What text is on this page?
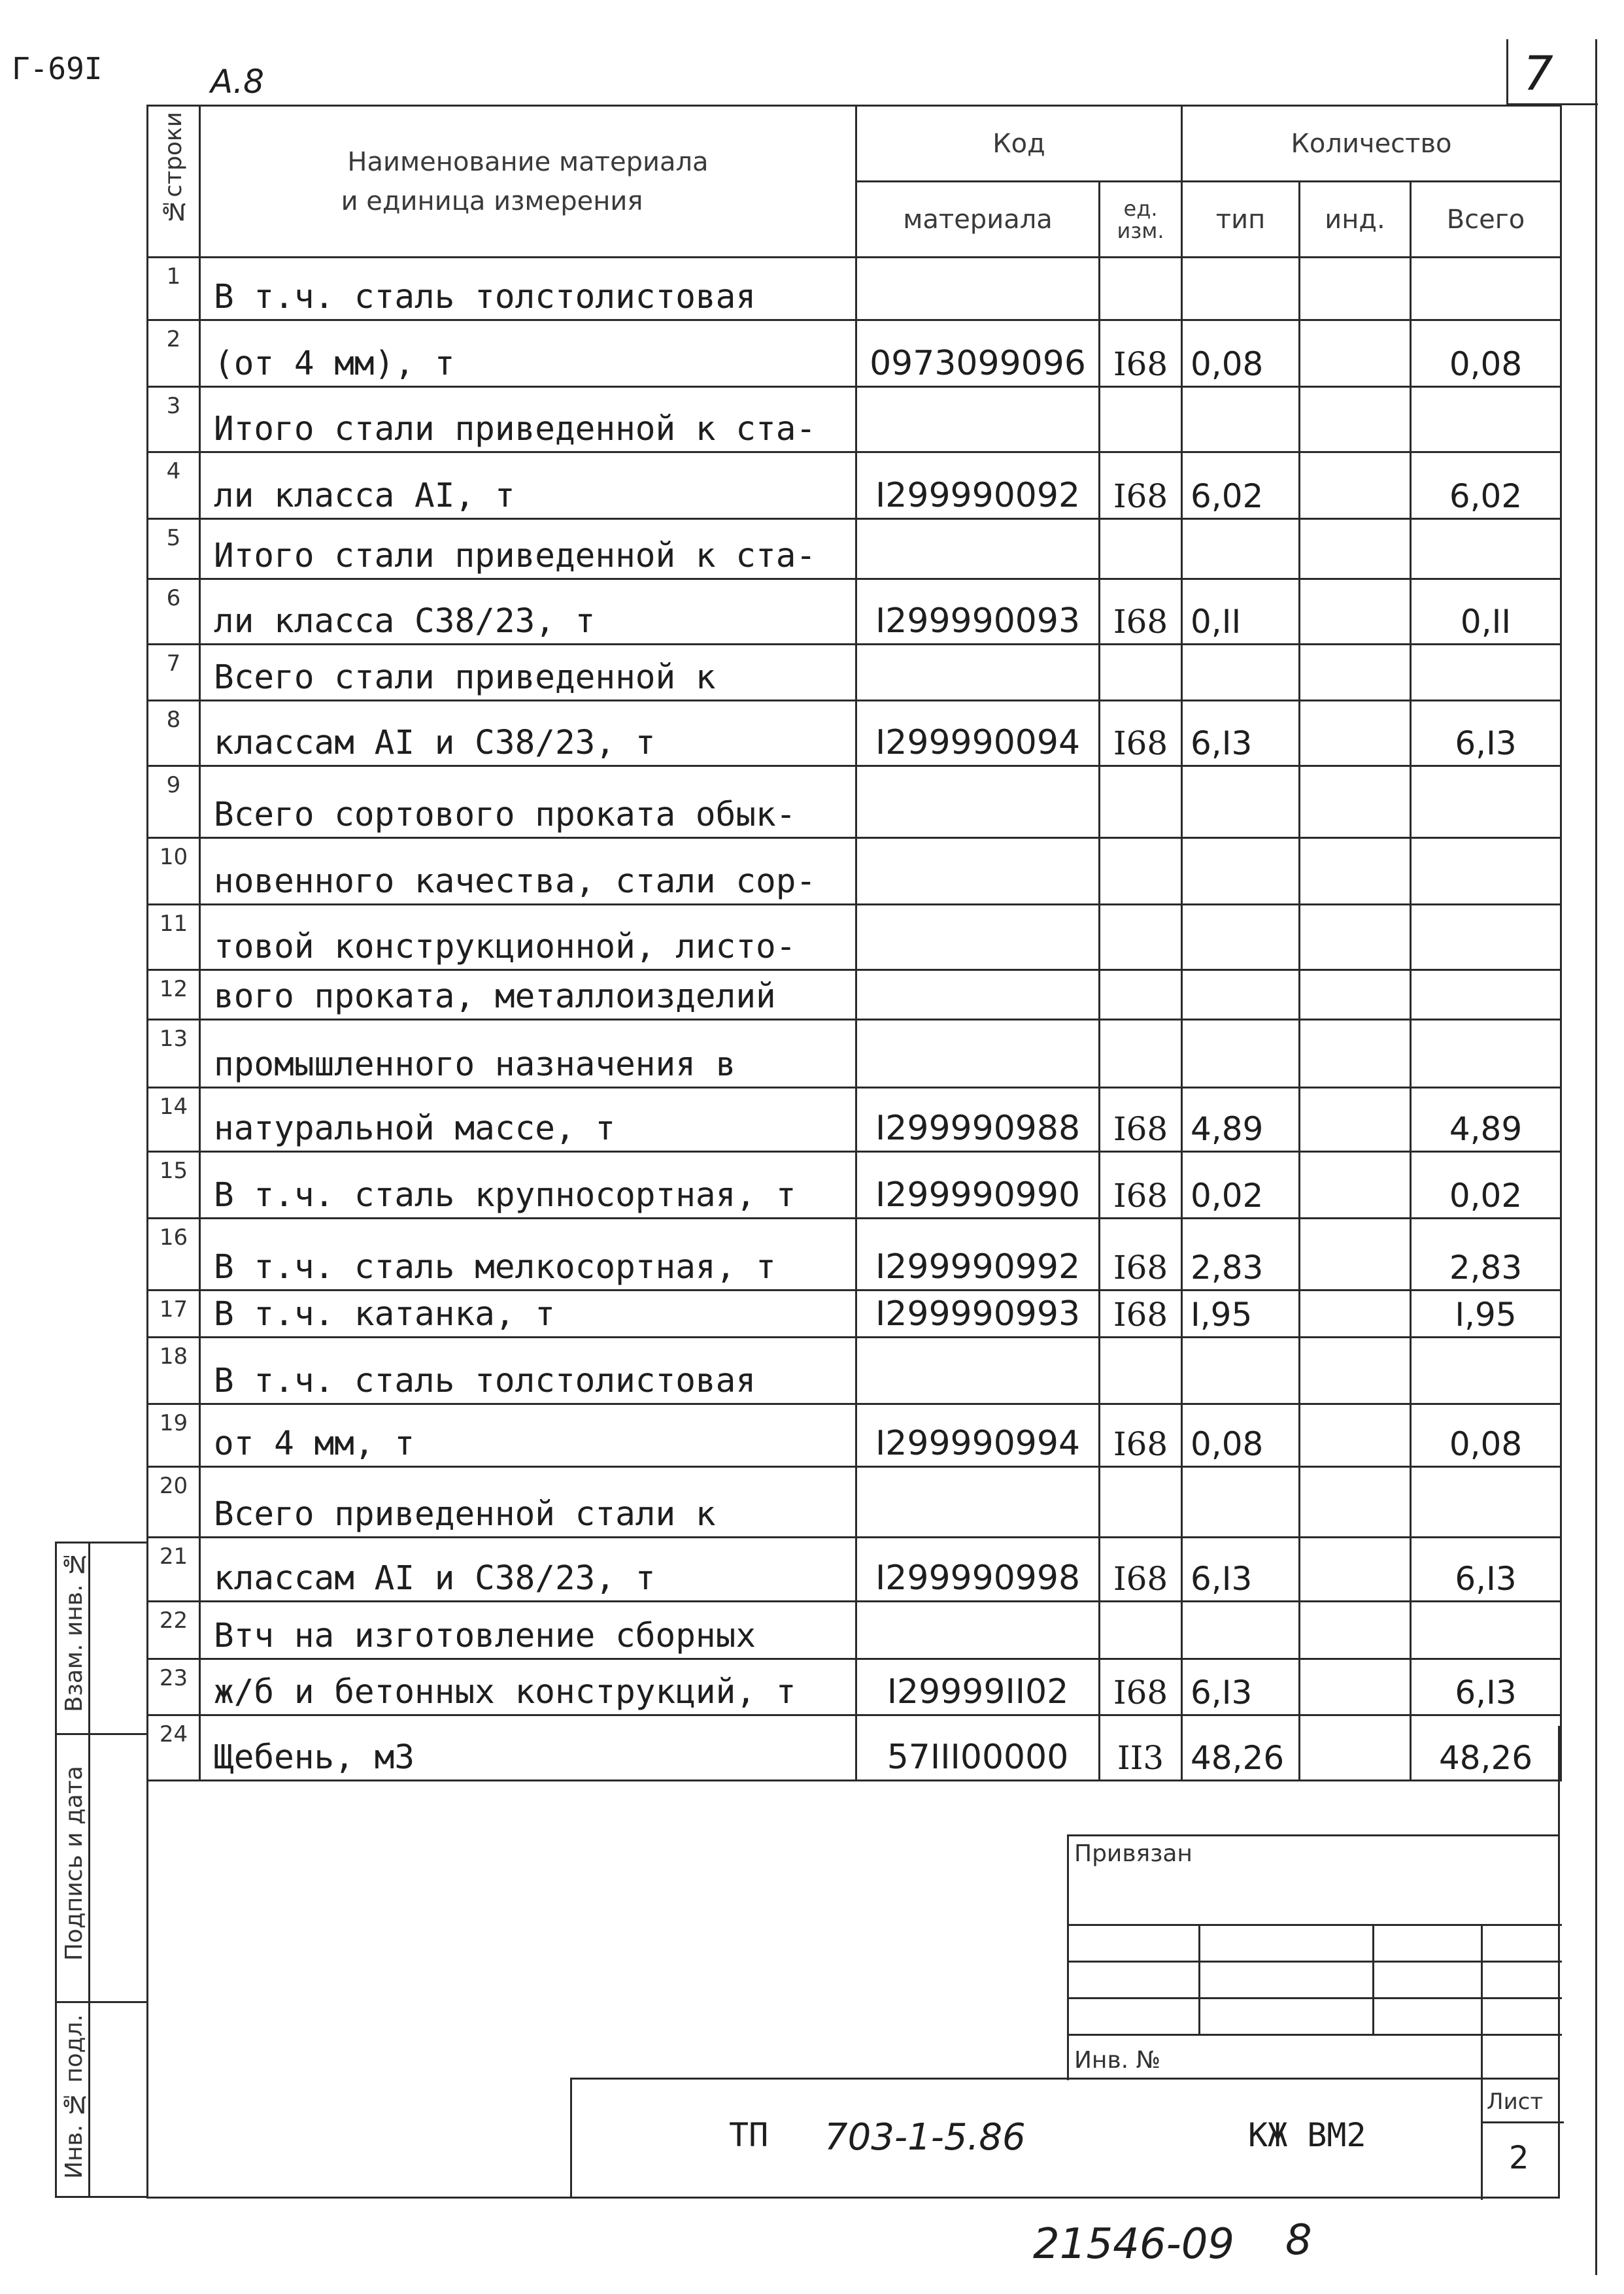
Г-69I	А.8	7
№строки	Наименование материала
и единица измерения	Код		Количество		
		материала	ед. изм.	тип	инд.	Всего
1	В т.ч. сталь толстолистовая					
2	(от 4 мм), т	0973099096	I68	0,08		0,08
3	Итого стали приведенной к ста-					
4	ли класса AI, т	I299990092	I68	6,02		6,02
5	Итого стали приведенной к ста-					
6	ли класса С38/23, т	I299990093	I68	0,II		0,II
7	Всего стали приведенной к					
8	классам AI и С38/23, т	I299990094	I68	6,I3		6,I3
9	Всего сортового проката обык-					
10	новенного качества, стали сор-					
11	товой конструкционной, листо-					
12	вого проката, металлоизделий					
13	промышленного назначения в					
14	натуральной массе, т	I299990988	I68	4,89		4,89
15	В т.ч. сталь крупносортная, т	I299990990	I68	0,02		0,02
16	В т.ч. сталь мелкосортная, т	I299990992	I68	2,83		2,83
17	В т.ч. катанка, т	I299990993	I68	I,95		I,95
18	В т.ч. сталь толстолистовая					
19	от 4 мм, т	I299990994	I68	0,08		0,08
20	Всего приведенной стали к					
21	классам AI и С38/23, т	I299990998	I68	6,I3		6,I3
22	Втч на изготовление сборных					
23	ж/б и бетонных конструкций, т	I29999II02	I68	6,I3		6,I3
24	Щебень, м3	57III00000	II3	48,26		48,26
Взам. инв. №
Подпись и дата
Инв. № подл.
Привязан
Инв. №
ТП 703-1-5.86	КЖ ВМ2
Лист
2
21546-09 8
